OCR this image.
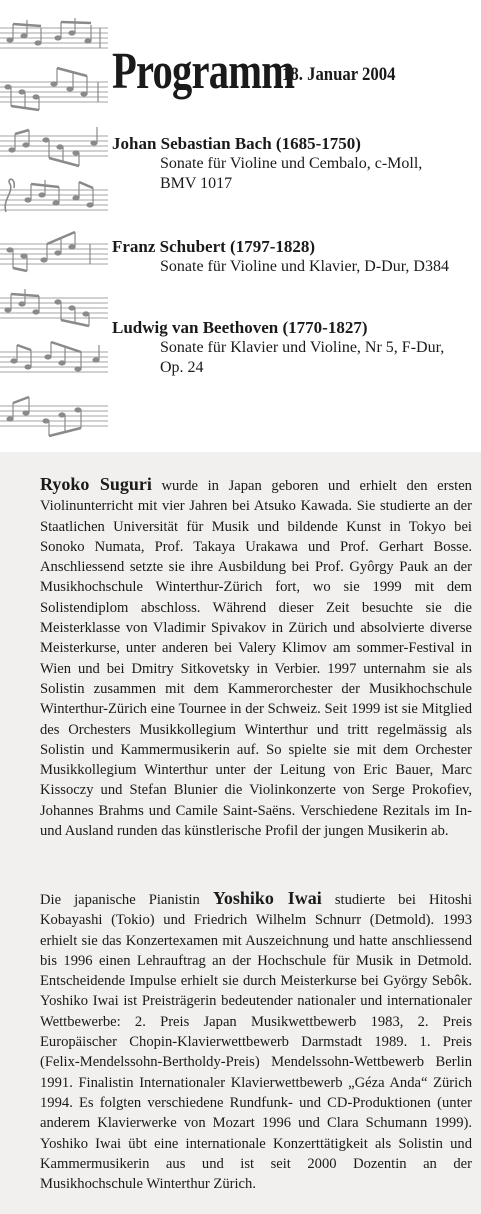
Programm
18. Januar 2004
Johan Sebastian Bach (1685-1750)
Sonate für Violine und Cembalo, c-Moll,
BMV 1017
Franz Schubert (1797-1828)
Sonate für Violine und Klavier, D-Dur, D384
Ludwig van Beethoven (1770-1827)
Sonate für Klavier und Violine, Nr 5, F-Dur,
Op. 24

Ryoko Suguri wurde in Japan geboren und erhielt den ersten Violinunterricht mit vier Jahren bei Atsuko Kawada. Sie studierte an der Staatlichen Universität für Musik und bildende Kunst in Tokyo bei Sonoko Numata, Prof. Takaya Urakawa und Prof. Gerhart Bosse. Anschliessend setzte sie ihre Ausbildung bei Prof. Gyôrgy Pauk an der Musikhochschule Winterthur-Zürich fort, wo sie 1999 mit dem Solistendiplom abschloss. Während dieser Zeit besuchte sie die Meisterklasse von Vladimir Spivakov in Zürich und absolvierte diverse Meisterkurse, unter anderen bei Valery Klimov am sommer-Festival in Wien und bei Dmitry Sitkovetsky in Verbier. 1997 unternahm sie als Solistin zusammen mit dem Kammerorchester der Musikhochschule Winterthur-Zürich eine Tournee in der Schweiz. Seit 1999 ist sie Mitglied des Orchesters Musikkollegium Winterthur und tritt regelmässig als Solistin und Kammermusikerin auf. So spielte sie mit dem Orchester Musikkollegium Winterthur unter der Leitung von Eric Bauer, Marc Kissoczy und Stefan Blunier die Violinkonzerte von Serge Prokofiev, Johannes Brahms und Camile Saint-Saëns. Verschiedene Rezitals im In- und Ausland runden das künstlerische Profil der jungen Musikerin ab.

Die japanische Pianistin Yoshiko Iwai studierte bei Hitoshi Kobayashi (Tokio) und Friedrich Wilhelm Schnurr (Detmold). 1993 erhielt sie das Konzertexamen mit Auszeichnung und hatte anschliessend bis 1996 einen Lehrauftrag an der Hochschule für Musik in Detmold. Entscheidende Impulse erhielt sie durch Meisterkurse bei György Sebôk. Yoshiko Iwai ist Preisträgerin bedeutender nationaler und internationaler Wettbewerbe: 2. Preis Japan Musikwettbewerb 1983, 2. Preis Europäischer Chopin-Klavierwettbewerb Darmstadt 1989. 1. Preis (Felix-Mendelssohn-Bertholdy-Preis) Mendelssohn-Wettbewerb Berlin 1991. Finalistin Internationaler Klavierwettbewerb „Géza Anda“ Zürich 1994. Es folgten verschiedene Rundfunk- und CD-Produktionen (unter anderem Klavierwerke von Mozart 1996 und Clara Schumann 1999). Yoshiko Iwai übt eine internationale Konzerttätigkeit als Solistin und Kammermusikerin aus und ist seit 2000 Dozentin an der Musikhochschule Winterthur Zürich.
